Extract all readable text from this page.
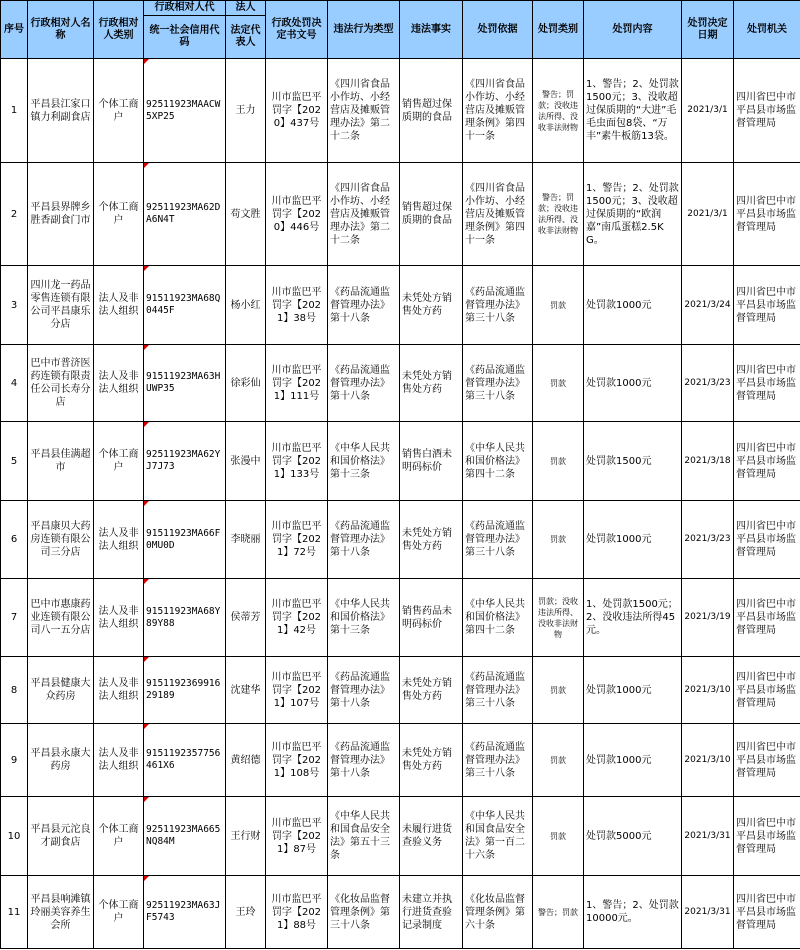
序号	行政相对人名称	行政相对人类别	行政相对人代	法人	行政处罚决定书文号	违法行为类型	违法事实	处罚依据	处罚类别	处罚内容	处罚决定日期	处罚机关
			统一社会信用代码	法定代表人								
1	平昌县江家口镇力利副食店	个体工商户	92511923MAACW5XP25	王力	川市监巴平罚字【2020】437号	《四川省食品小作坊、小经营店及摊贩管理办法》第二十二条	销售超过保质期的食品	《四川省食品小作坊、小经营店及摊贩管理条例》第四十一条	警告；罚款；没收违法所得、没收非法财物	1、警告；2、处罚款1500元；3、没收超过保质期的“大进”毛毛虫面包8袋、“万丰”素牛板筋13袋。	2021/3/1	四川省巴中市平昌县市场监督管理局
2	平昌县界牌乡胜香副食门市	个体工商户	92511923MA62DA6N4T	苟文胜	川市监巴平罚字【2020】446号	《四川省食品小作坊、小经营店及摊贩管理办法》第二十二条	销售超过保质期的食品	《四川省食品小作坊、小经营店及摊贩管理条例》第四十一条	警告；罚款；没收违法所得、没收非法财物	1、警告；2、处罚款1500元；3、没收超过保质期的“欧润嘉”南瓜蛋糕2.5KG。	2021/3/1	四川省巴中市平昌县市场监督管理局
3	四川龙一药品零售连锁有限公司平昌康乐分店	法人及非法人组织	91511923MA68Q0445F	杨小红	川市监巴平罚字【2021】38号	《药品流通监督管理办法》第十八条	未凭处方销售处方药	《药品流通监督管理办法》第三十八条	罚款	处罚款1000元	2021/3/24	四川省巴中市平昌县市场监督管理局
4	巴中市普济医药连锁有限责任公司长寿分店	法人及非法人组织	91511923MA63HUWP35	徐彩仙	川市监巴平罚字【2021】111号	《药品流通监督管理办法》第十八条	未凭处方销售处方药	《药品流通监督管理办法》第三十八条	罚款	处罚款1000元	2021/3/23	四川省巴中市平昌县市场监督管理局
5	平昌县佳满超市	个体工商户	92511923MA62YJ7J73	张漫中	川市监巴平罚字【2021】133号	《中华人民共和国价格法》第十三条	销售白酒未明码标价	《中华人民共和国价格法》第四十二条	罚款	处罚款1500元	2021/3/18	四川省巴中市平昌县市场监督管理局
6	平昌康贝大药房连锁有限公司三分店	法人及非法人组织	91511923MA66F0MU0D	李晓丽	川市监巴平罚字【2021】72号	《药品流通监督管理办法》第十八条	未凭处方销售处方药	《药品流通监督管理办法》第三十八条	罚款	处罚款1000元	2021/3/23	四川省巴中市平昌县市场监督管理局
7	巴中市惠康药业连锁有限公司八一五分店	法人及非法人组织	91511923MA68Y89Y88	侯蒂芳	川市监巴平罚字【2021】42号	《中华人民共和国价格法》第十三条	销售药品未明码标价	《中华人民共和国价格法》第四十二条	罚款；没收违法所得、没收非法财物	1、处罚款1500元；2、没收违法所得45元。	2021/3/19	四川省巴中市平昌县市场监督管理局
8	平昌县健康大众药房	法人及非法人组织	915119236991629189	沈建华	川市监巴平罚字【2021】107号	《药品流通监督管理办法》第十八条	未凭处方销售处方药	《药品流通监督管理办法》第三十八条	罚款	处罚款1000元	2021/3/10	四川省巴中市平昌县市场监督管理局
9	平昌县永康大药房	法人及非法人组织	9151192357756461X6	黄绍德	川市监巴平罚字【2021】108号	《药品流通监督管理办法》第十八条	未凭处方销售处方药	《药品流通监督管理办法》第三十八条	罚款	处罚款1000元	2021/3/10	四川省巴中市平昌县市场监督管理局
10	平昌县元沱良才副食店	个体工商户	92511923MA665NQ84M	王行财	川市监巴平罚字【2021】87号	《中华人民共和国食品安全法》第五十三条	未履行进货查验义务	《中华人民共和国食品安全法》第一百二十六条	罚款	处罚款5000元	2021/3/31	四川省巴中市平昌县市场监督管理局
11	平昌县响滩镇玲丽美容养生会所	个体工商户	92511923MA63JF5743	王玲	川市监巴平罚字【2021】88号	《化妆品监督管理条例》第三十八条	未建立并执行进货查验记录制度	《化妆品监督管理条例》第六十条	警告；罚款	1、警告；2、处罚款10000元。	2021/3/31	四川省巴中市平昌县市场监督管理局
